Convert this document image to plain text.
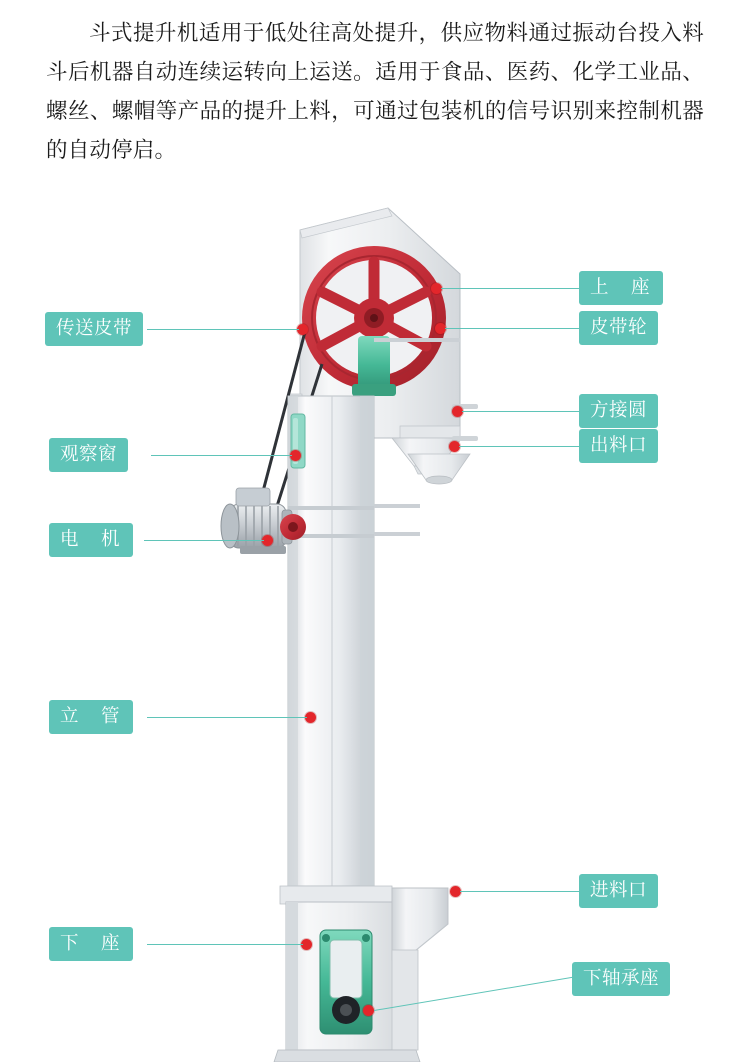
斗式提升机适用于低处往高处提升，供应物料通过振动台投入料斗后机器自动连续运转向上运送。适用于食品、医药、化学工业品、螺丝、螺帽等产品的提升上料，可通过包装机的信号识别来控制机器的自动停启。
上　座
皮带轮
方接圆
出料口
进料口
下轴承座
传送皮带
观察窗
电　机
立　管
下　座
